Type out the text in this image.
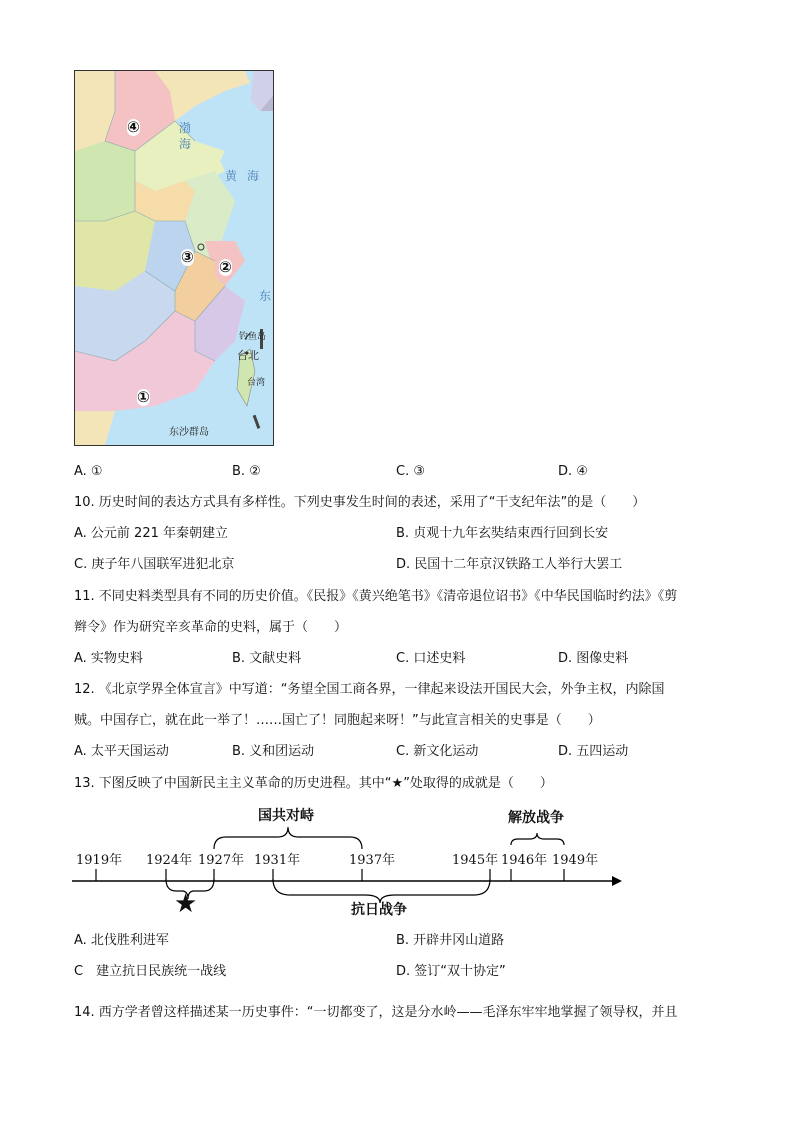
渤
海
黄 海
东
钓鱼岛
台北
台湾
东沙群岛
④
③
②
①
A. ①	B. ②	C. ③	D. ④
10. 历史时间的表达方式具有多样性。下列史事发生时间的表述，采用了“干支纪年法”的是（　　）
A. 公元前 221 年秦朝建立	B. 贞观十九年玄奘结束西行回到长安
C. 庚子年八国联军进犯北京	D. 民国十二年京汉铁路工人举行大罢工
11. 不同史料类型具有不同的历史价值。《民报》《黄兴绝笔书》《清帝退位诏书》《中华民国临时约法》《剪
辫令》作为研究辛亥革命的史料，属于（　　）
A. 实物史料	B. 文献史料	C. 口述史料	D. 图像史料
12. 《北京学界全体宣言》中写道：“务望全国工商各界，一律起来设法开国民大会，外争主权，内除国
贼。中国存亡，就在此一举了！……国亡了！同胞起来呀！”与此宣言相关的史事是（　　）
A. 太平天国运动	B. 义和团运动	C. 新文化运动	D. 五四运动
13. 下图反映了中国新民主主义革命的历史进程。其中“★”处取得的成就是（　　）
1919年 1924年 1927年 1931年	1937年	1945年 1946年 1949年
国共对峙	解放战争
抗日战争
★
A. 北伐胜利进军	B. 开辟井冈山道路
C　建立抗日民族统一战线	D. 签订“双十协定”
14. 西方学者曾这样描述某一历史事件：“一切都变了，这是分水岭——毛泽东牢牢地掌握了领导权，并且
